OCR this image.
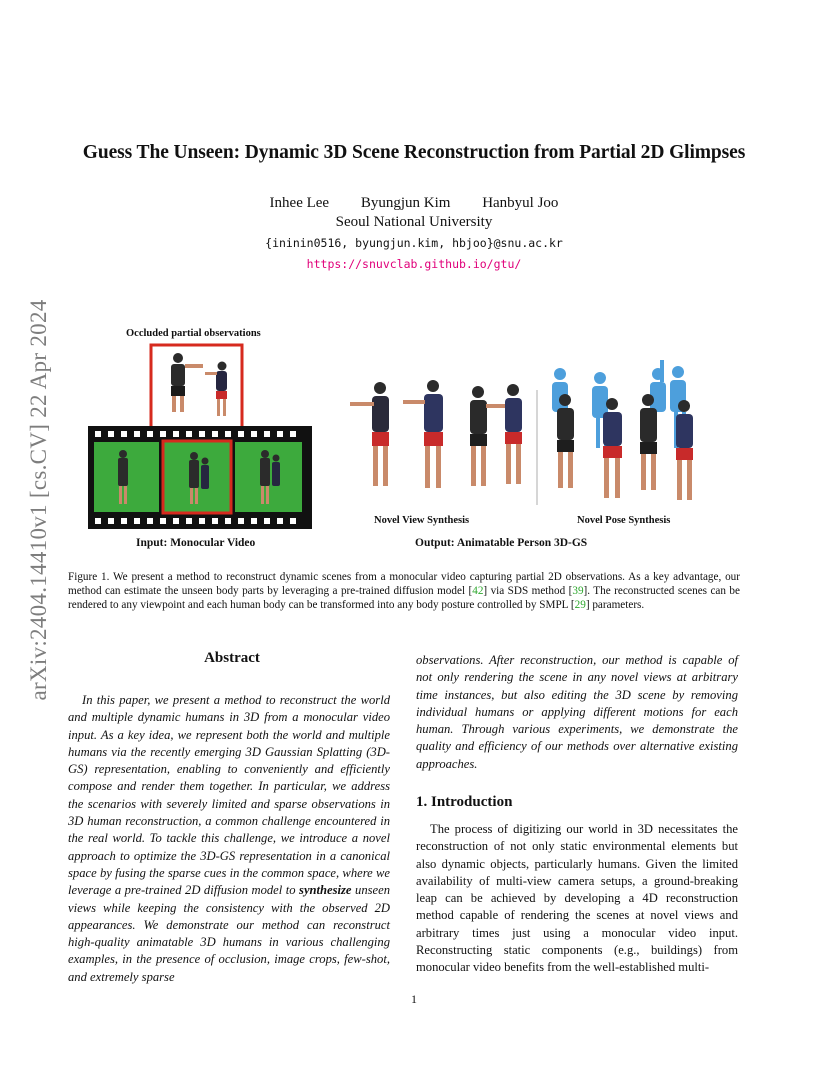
arXiv:2404.14410v1 [cs.CV] 22 Apr 2024
Guess The Unseen: Dynamic 3D Scene Reconstruction from Partial 2D Glimpses
Inhee Lee Byungjun Kim Hanbyul Joo
Seoul National University
{ininin0516, byungjun.kim, hbjoo}@snu.ac.kr
https://snuvclab.github.io/gtu/
Occluded partial observations
Input: Monocular Video
Novel View Synthesis	Novel Pose Synthesis
Output: Animatable Person 3D-GS
Figure 1. We present a method to reconstruct dynamic scenes from a monocular video capturing partial 2D observations. As a key advantage, our method can estimate the unseen body parts by leveraging a pre-trained diffusion model [42] via SDS method [39]. The reconstructed scenes can be rendered to any viewpoint and each human body can be transformed into any body posture controlled by SMPL [29] parameters.
Abstract
In this paper, we present a method to reconstruct the world and multiple dynamic humans in 3D from a monocular video input. As a key idea, we represent both the world and multiple humans via the recently emerging 3D Gaussian Splatting (3D-GS) representation, enabling to conveniently and efficiently compose and render them together. In particular, we address the scenarios with severely limited and sparse observations in 3D human reconstruction, a common challenge encountered in the real world. To tackle this challenge, we introduce a novel approach to optimize the 3D-GS representation in a canonical space by fusing the sparse cues in the common space, where we leverage a pre-trained 2D diffusion model to synthesize unseen views while keeping the consistency with the observed 2D appearances. We demonstrate our method can reconstruct high-quality animatable 3D humans in various challenging examples, in the presence of occlusion, image crops, few-shot, and extremely sparse
observations. After reconstruction, our method is capable of not only rendering the scene in any novel views at arbitrary time instances, but also editing the 3D scene by removing individual humans or applying different motions for each human. Through various experiments, we demonstrate the quality and efficiency of our methods over alternative existing approaches.
1. Introduction
The process of digitizing our world in 3D necessitates the reconstruction of not only static environmental elements but also dynamic objects, particularly humans. Given the limited availability of multi-view camera setups, a ground-breaking leap can be achieved by developing a 4D reconstruction method capable of rendering the scenes at novel views and arbitrary times just using a monocular video input. Reconstructing static components (e.g., buildings) from monocular video benefits from the well-established multi-
1
